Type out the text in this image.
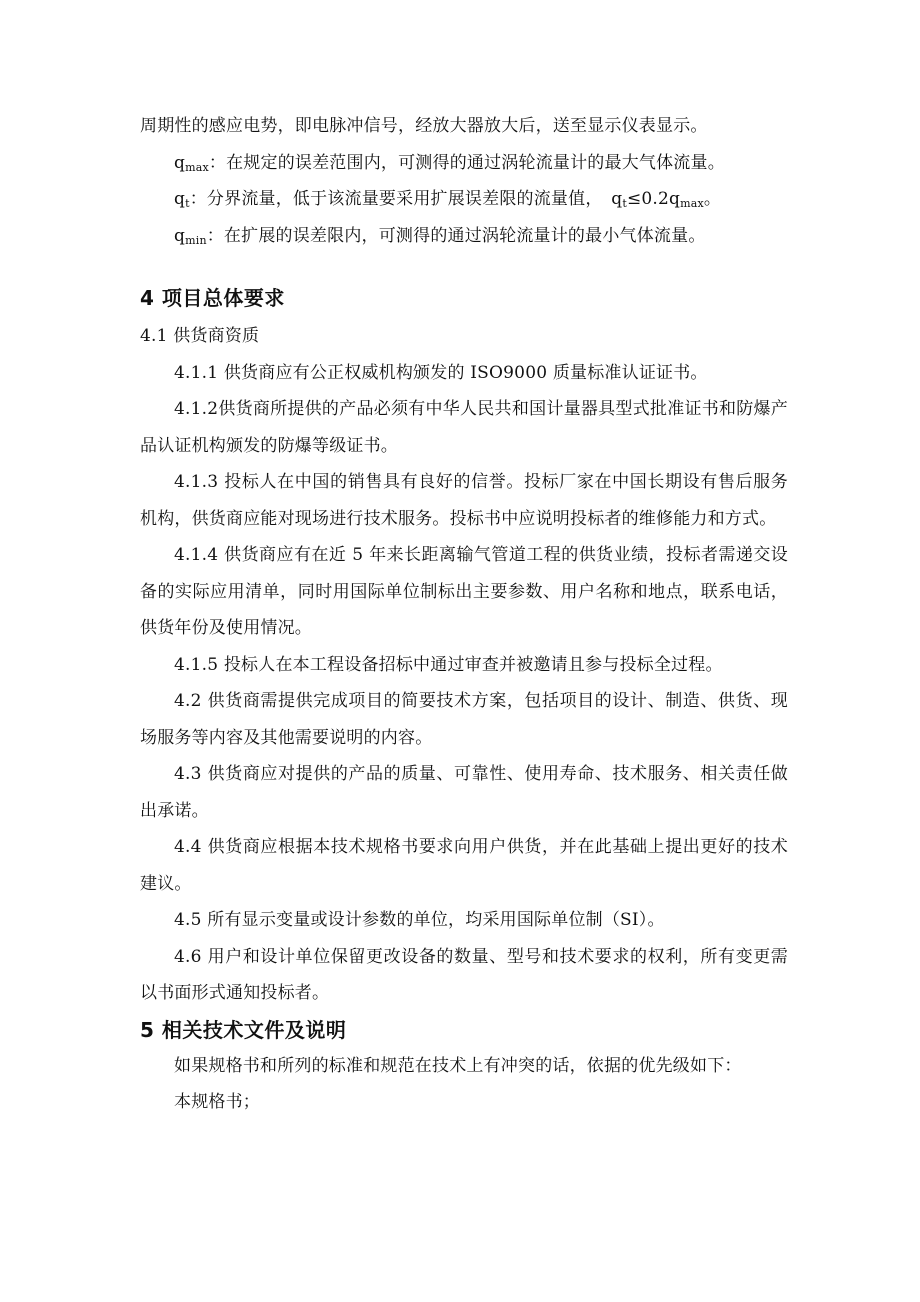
周期性的感应电势，即电脉冲信号，经放大器放大后，送至显示仪表显示。

$q_{max}$：在规定的误差范围内，可测得的通过涡轮流量计的最大气体流量。

$q_t$：分界流量，低于该流量要采用扩展误差限的流量值，　$q_t\le 0.2q_{max}$。

$q_{min}$：在扩展的误差限内，可测得的通过涡轮流量计的最小气体流量。

4 项目总体要求

4.1 供货商资质

4.1.1 供货商应有公正权威机构颁发的 ISO9000 质量标准认证证书。

4.1.2供货商所提供的产品必须有中华人民共和国计量器具型式批准证书和防爆产品认证机构颁发的防爆等级证书。

4.1.3 投标人在中国的销售具有良好的信誉。投标厂家在中国长期设有售后服务机构，供货商应能对现场进行技术服务。投标书中应说明投标者的维修能力和方式。

4.1.4 供货商应有在近 5 年来长距离输气管道工程的供货业绩，投标者需递交设备的实际应用清单，同时用国际单位制标出主要参数、用户名称和地点，联系电话，供货年份及使用情况。

4.1.5 投标人在本工程设备招标中通过审查并被邀请且参与投标全过程。

4.2 供货商需提供完成项目的简要技术方案，包括项目的设计、制造、供货、现场服务等内容及其他需要说明的内容。

4.3 供货商应对提供的产品的质量、可靠性、使用寿命、技术服务、相关责任做出承诺。

4.4 供货商应根据本技术规格书要求向用户供货，并在此基础上提出更好的技术建议。

4.5 所有显示变量或设计参数的单位，均采用国际单位制（SI）。

4.6 用户和设计单位保留更改设备的数量、型号和技术要求的权利，所有变更需以书面形式通知投标者。

5 相关技术文件及说明

如果规格书和所列的标准和规范在技术上有冲突的话，依据的优先级如下：

本规格书；
